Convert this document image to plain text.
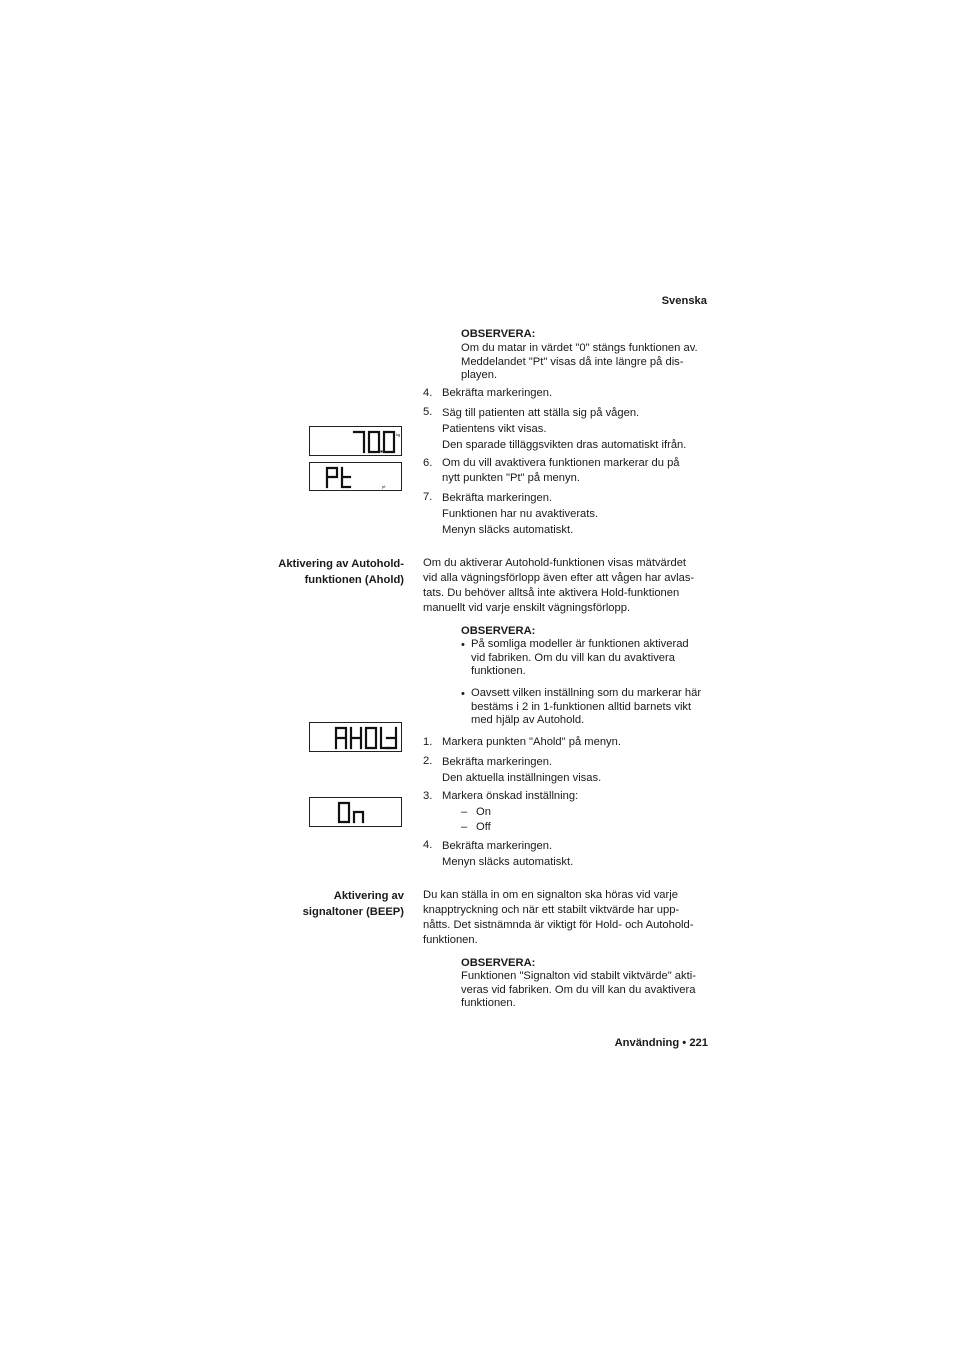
Svenska
OBSERVERA:
Om du matar in värdet "0" stängs funktionen av.
Meddelandet "Pt" visas då inte längre på dis-
playen.
4. Bekräfta markeringen.
5. Säg till patienten att ställa sig på vågen.
Patientens vikt visas.
Den sparade tilläggsvikten dras automatiskt ifrån.
6. Om du vill avaktivera funktionen markerar du på
nytt punkten "Pt" på menyn.
7. Bekräfta markeringen.
Funktionen har nu avaktiverats.
Menyn släcks automatiskt.
kg
pt
Aktivering av Autohold-
funktionen (Ahold)
Om du aktiverar Autohold-funktionen visas mätvärdet
vid alla vägningsförlopp även efter att vågen har avlas-
tats. Du behöver alltså inte aktivera Hold-funktionen
manuellt vid varje enskilt vägningsförlopp.
OBSERVERA:
• På somliga modeller är funktionen aktiverad
vid fabriken. Om du vill kan du avaktivera
funktionen.
• Oavsett vilken inställning som du markerar här
bestäms i 2 in 1-funktionen alltid barnets vikt
med hjälp av Autohold.
1. Markera punkten "Ahold" på menyn.
2. Bekräfta markeringen.
Den aktuella inställningen visas.
3. Markera önskad inställning:
– On
– Off
4. Bekräfta markeringen.
Menyn släcks automatiskt.
Aktivering av
signaltoner (BEEP)
Du kan ställa in om en signalton ska höras vid varje
knapptryckning och när ett stabilt viktvärde har upp-
nåtts. Det sistnämnda är viktigt för Hold- och Autohold-
funktionen.
OBSERVERA:
Funktionen "Signalton vid stabilt viktvärde" akti-
veras vid fabriken. Om du vill kan du avaktivera
funktionen.
Användning • 221
